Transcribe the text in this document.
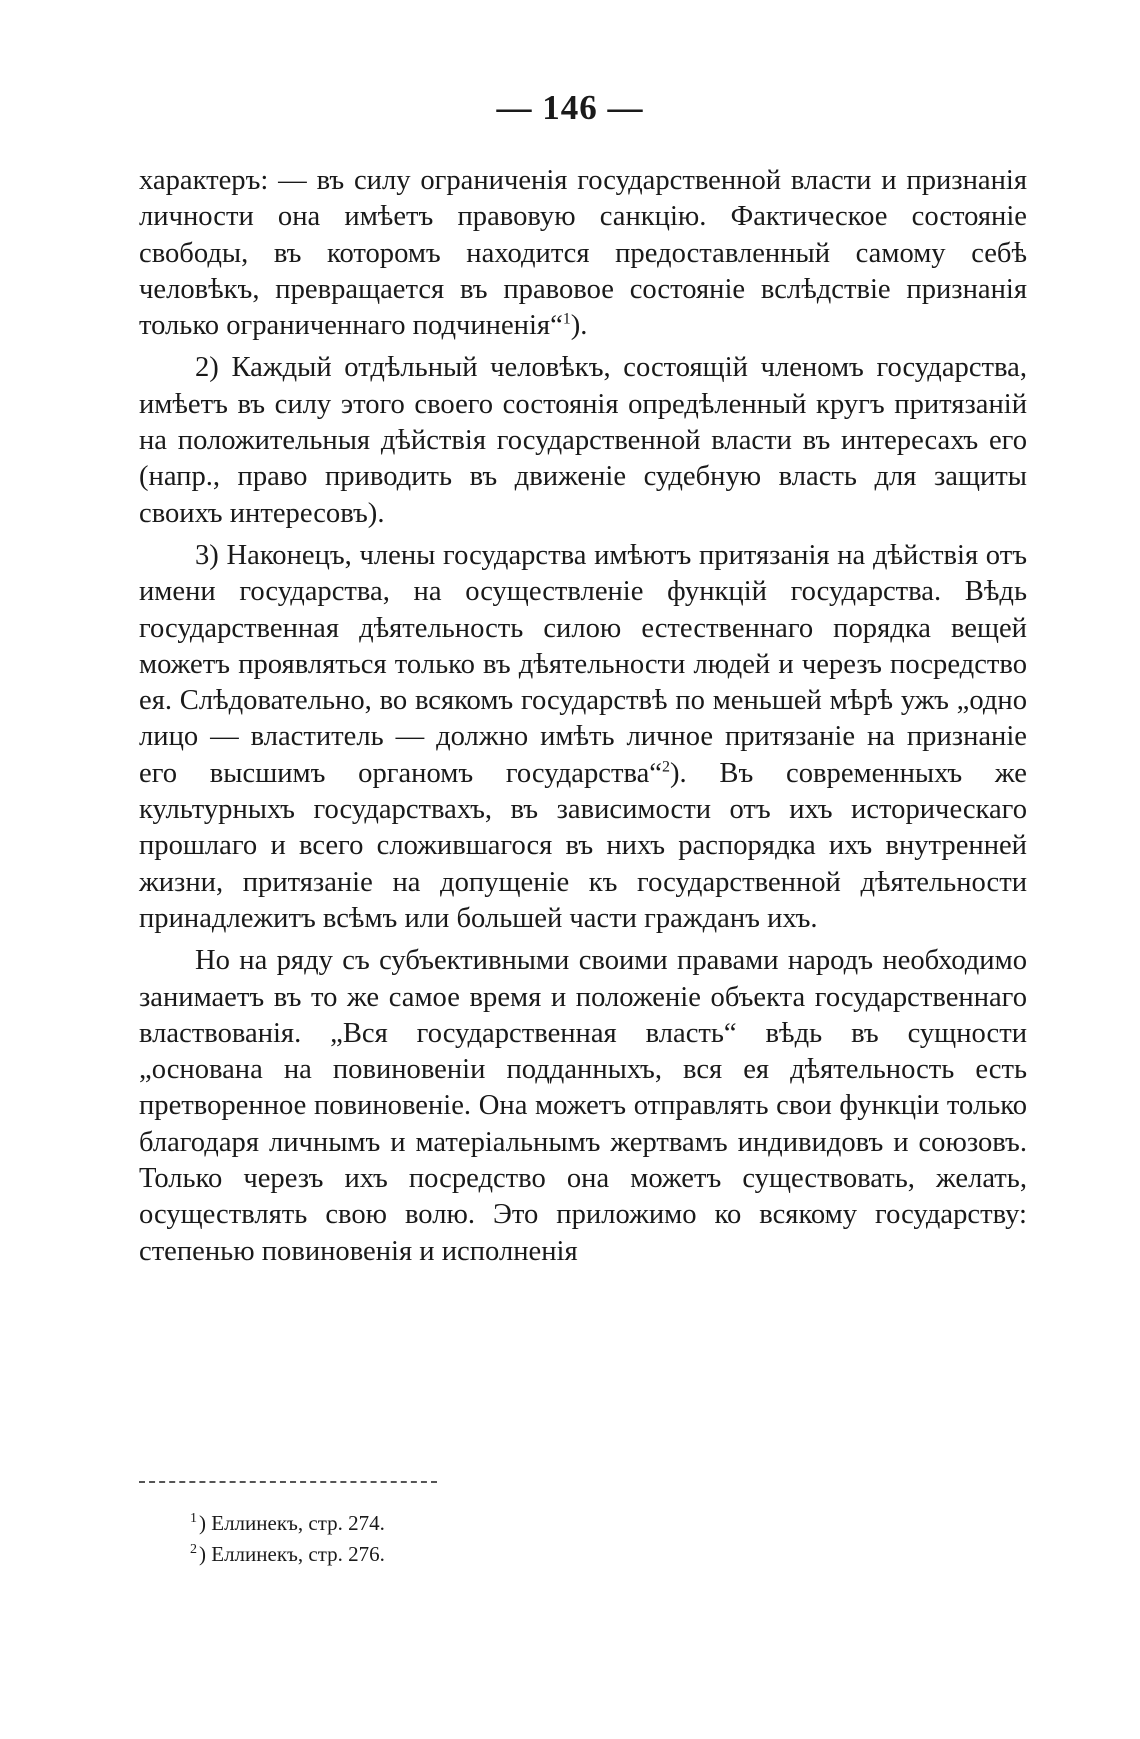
— 146 —

характеръ: — въ силу ограниченія государственной власти и признанія личности она имѣетъ правовую санкцію. Фактическое состояніе свободы, въ которомъ находится предоставленный самому себѣ человѣкъ, превращается въ правовое состояніе вслѣдствіе признанія только ограниченнаго подчиненія“$^1$).

2) Каждый отдѣльный человѣкъ, состоящій членомъ государства, имѣетъ въ силу этого своего состоянія опредѣленный кругъ притязаній на положительныя дѣйствія государственной власти въ интересахъ его (напр., право приводить въ движеніе судебную власть для защиты своихъ интересовъ).

3) Наконецъ, члены государства имѣютъ притязанія на дѣйствія отъ имени государства, на осуществленіе функцій государства. Вѣдь государственная дѣятельность силою естественнаго порядка вещей можетъ проявляться только въ дѣятельности людей и черезъ посредство ея. Слѣдовательно, во всякомъ государствѣ по меньшей мѣрѣ ужъ „одно лицо — властитель — должно имѣть личное притязаніе на признаніе его высшимъ органомъ государства“$^2$). Въ современныхъ же культурныхъ государствахъ, въ зависимости отъ ихъ историческаго прошлаго и всего сложившагося въ нихъ распорядка ихъ внутренней жизни, притязаніе на допущеніе къ государственной дѣятельности принадлежитъ всѣмъ или большей части гражданъ ихъ.

Но на ряду съ субъективными своими правами народъ необходимо занимаетъ въ то же самое время и положеніе объекта государственнаго властвованія. „Вся государственная власть“ вѣдь въ сущности „основана на повиновеніи подданныхъ, вся ея дѣятельность есть претворенное повиновеніе. Она можетъ отправлять свои функціи только благодаря личнымъ и матеріальнымъ жертвамъ индивидовъ и союзовъ. Только черезъ ихъ посредство она можетъ существовать, желать, осуществлять свою волю. Это приложимо ко всякому государству: степенью повиновенія и исполненія

$^1$) Еллинекъ, стр. 274.

$^2$) Еллинекъ, стр. 276.
